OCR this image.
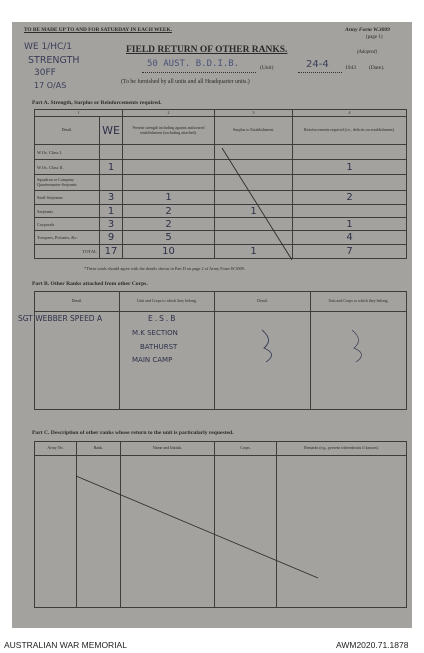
TO BE MADE UP TO AND FOR SATURDAY IN EACH WEEK.	Army Form W.3009
(page 1)
(Adopted)
WE 1/HC/1
STRENGTH
30FF
17 O/AS
FIELD RETURN OF OTHER RANKS.
50 AUST. B.D.I.B.	(Unit)	24-4	1943 (Date).
(To be furnished by all units and all Headquarter units.)
Part A. Strength, Surplus or Reinforcements required.
1		2	3	4
Detail.	WE	Present strength including against authorized establishment (excluding attached).	Surplus to Establishment.	Reinforcements required (i.e., deficits on establishment).
W.Os. Class I.				
W.Os. Class II.	1			1
Squadron or Company Quartermaster-Serjeants				
Staff Serjeants	3	1		2
Serjeants	1	2	1	
Corporals	3	2		1
Troopers, Privates, &c.	9	5		4
TOTAL	17	10	1	7
*These totals should agree with the details shown in Part D on page 2 of Army Form W.3009.
Part B. Other Ranks attached from other Corps.
Detail.	Unit and Corps to which they belong.	Detail.	Unit and Corps to which they belong.

SGT WEBBER SPEED A	E.S.B
M.K SECTION
BATHURST
MAIN CAMP
Part C. Description of other ranks whose return to the unit is particularly requested.
Army No.	Rank.	Name and Initials.	Corps.	Remarks (e.g., present whereabouts if known).

AUSTRALIAN WAR MEMORIAL	AWM2020.71.1878
